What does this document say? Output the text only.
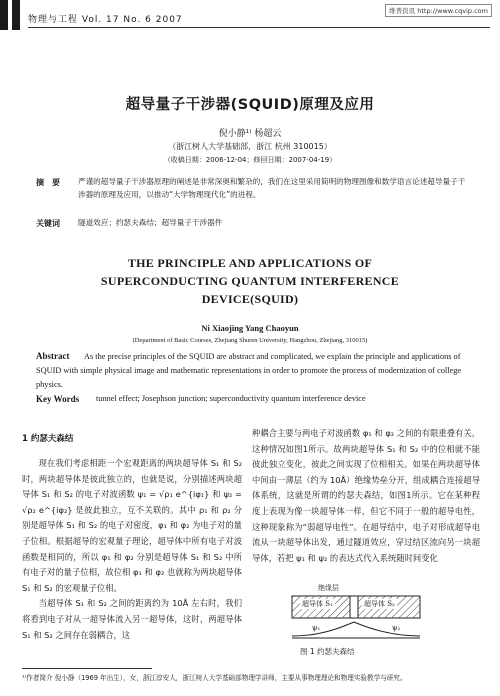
物理与工程 Vol. 17 No. 6 2007
维普资讯 http://www.cqvip.com
超导量子干涉器(SQUID)原理及应用
倪小静¹⁾ 杨超云
（浙江树人大学基础部，浙江 杭州 310015）
（收稿日期：2006-12-04；修回日期：2007-04-19）
摘　要 严谨的超导量子干涉器原理的阐述是非常深奥和繁杂的，我们在这里采用简明的物理图像和数学语言论述超导量子干涉器的原理及应用，以推动“大学物理现代化”的进程。
关键词 隧道效应；约瑟夫森结；超导量子干涉器件
THE PRINCIPLE AND APPLICATIONS OF
SUPERCONDUCTING QUANTUM INTERFERENCE
DEVICE(SQUID)
Ni Xiaojing Yang Chaoyun
(Department of Basic Courses, Zhejiang Shuren University, Hangzhou, Zhejiang, 310015)
Abstract	As the precise principles of the SQUID are abstract and complicated, we explain the principle and applications of SQUID with simple physical image and mathematic representations in order to promote the process of modernization of college physics.
Key Words tunnel effect; Josephson junction; superconductivity quantum interference device
1 约瑟夫森结

现在我们考虑相距一个宏观距离的两块超导体 S₁ 和 S₂ 时，两块超导体是彼此独立的，也就是说，分别描述两块超导体 S₁ 和 S₂ 的电子对波函数 ψ₁ = √ρ₁ e^{iφ₁} 和 ψ₂ = √ρ₂ e^{iφ₂} 是彼此独立，互不关联的。其中 ρ₁ 和 ρ₂ 分别是超导体 S₁ 和 S₂ 的电子对密度，φ₁ 和 φ₂ 为电子对的量子位相。根据超导的宏观量子理论，超导体中所有电子对波函数是相同的，所以 φ₁ 和 φ₂ 分别是超导体 S₁ 和 S₂ 中所有电子对的量子位相，故位相 φ₁ 和 φ₂ 也就称为两块超导体 S₁ 和 S₂ 的宏观量子位相。

当超导体 S₁ 和 S₂ 之间的距离约为 10Å 左右时，我们将看到电子对从一超导体流入另一超导体，这时，两超导体 S₁ 和 S₂ 之间存在弱耦合，这

种耦合主要与两电子对波函数 φ₁ 和 φ₂ 之间的有限重叠有关，这种情况如图1所示。故两块超导体 S₁ 和 S₂ 中的位相就不能彼此独立变化，彼此之间实现了位相相关。如果在两块超导体中间由一薄层（约为 10Å）绝缘势垒分开，组成耦合连接超导体系统，这就是所谓的约瑟夫森结，如图1所示。它在某种程度上表现为像一块超导体一样，但它不同于一般的超导电性，这种现象称为“弱超导电性”。在超导结中，电子对形成超导电流从一块超导体出发，通过隧道效应，穿过结区流向另一块超导体，若把 ψ₁ 和 ψ₂ 的表达式代入系统随时间变化

绝缘层
超导体 S₁	超导体 S₂
ψ₁	ψ₂
图 1 约瑟夫森结
¹⁾作者简介 倪小静（1969 年出生），女，浙江淳安人，浙江树人大学基础部物理学讲师，主要从事物理理论和物理实验教学与研究。
